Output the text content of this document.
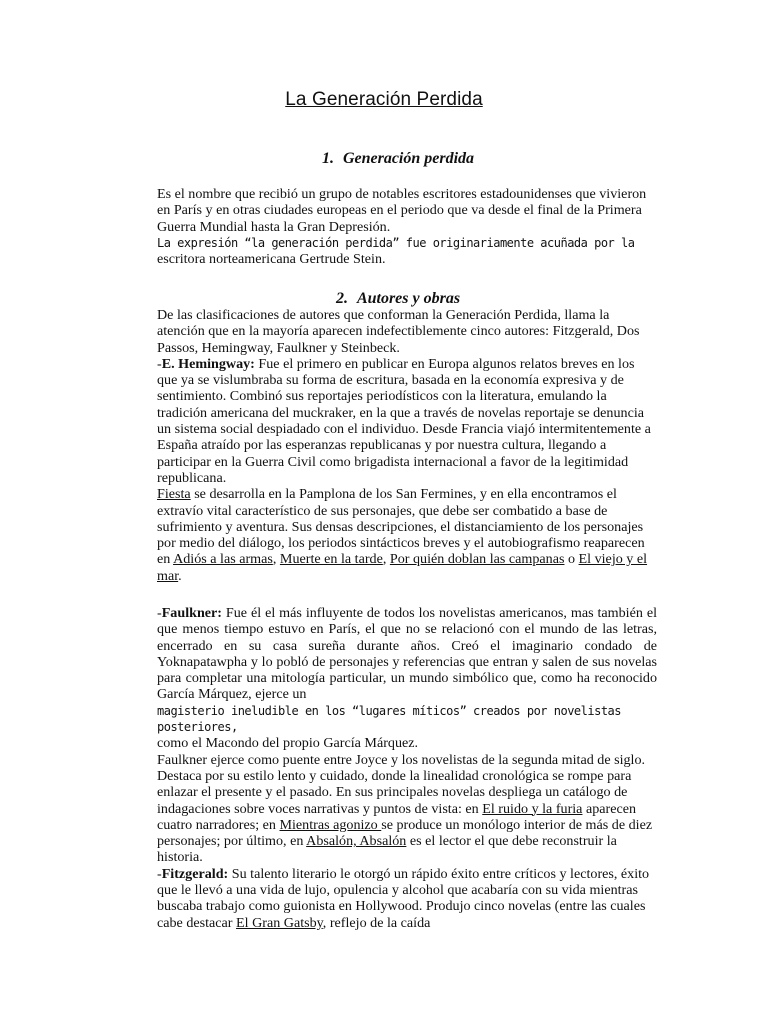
La Generación Perdida
1. Generación perdida

Es el nombre que recibió un grupo de notables escritores estadounidenses que vivieron en París y en otras ciudades europeas en el periodo que va desde el final de la Primera Guerra Mundial hasta la Gran Depresión.

La expresión “la generación perdida” fue originariamente acuñada por la

escritora norteamericana Gertrude Stein.

2. Autores y obras

De las clasificaciones de autores que conforman la Generación Perdida, llama la atención que en la mayoría aparecen indefectiblemente cinco autores: Fitzgerald, Dos Passos, Hemingway, Faulkner y Steinbeck.

-E. Hemingway: Fue el primero en publicar en Europa algunos relatos breves en los que ya se vislumbraba su forma de escritura, basada en la economía expresiva y de sentimiento. Combinó sus reportajes periodísticos con la literatura, emulando la tradición americana del muckraker, en la que a través de novelas reportaje se denuncia un sistema social despiadado con el individuo. Desde Francia viajó intermitentemente a España atraído por las esperanzas republicanas y por nuestra cultura, llegando a participar en la Guerra Civil como brigadista internacional a favor de la legitimidad republicana.

Fiesta se desarrolla en la Pamplona de los San Fermines, y en ella encontramos el extravío vital característico de sus personajes, que debe ser combatido a base de sufrimiento y aventura. Sus densas descripciones, el distanciamiento de los personajes por medio del diálogo, los periodos sintácticos breves y el autobiografismo reaparecen en Adiós a las armas, Muerte en la tarde, Por quién doblan las campanas o El viejo y el mar.

-Faulkner: Fue él el más influyente de todos los novelistas americanos, mas también el que menos tiempo estuvo en París, el que no se relacionó con el mundo de las letras, encerrado en su casa sureña durante años. Creó el imaginario condado de Yoknapatawpha y lo pobló de personajes y referencias que entran y salen de sus novelas para completar una mitología particular, un mundo simbólico que, como ha reconocido García Márquez, ejerce un

magisterio ineludible en los “lugares míticos” creados por novelistas posteriores,

como el Macondo del propio García Márquez.

Faulkner ejerce como puente entre Joyce y los novelistas de la segunda mitad de siglo. Destaca por su estilo lento y cuidado, donde la linealidad cronológica se rompe para enlazar el presente y el pasado. En sus principales novelas despliega un catálogo de indagaciones sobre voces narrativas y puntos de vista: en El ruido y la furia aparecen cuatro narradores; en Mientras agonizo se produce un monólogo interior de más de diez personajes; por último, en Absalón, Absalón es el lector el que debe reconstruir la historia.

-Fitzgerald: Su talento literario le otorgó un rápido éxito entre críticos y lectores, éxito que le llevó a una vida de lujo, opulencia y alcohol que acabaría con su vida mientras buscaba trabajo como guionista en Hollywood. Produjo cinco novelas (entre las cuales cabe destacar El Gran Gatsby, reflejo de la caída
